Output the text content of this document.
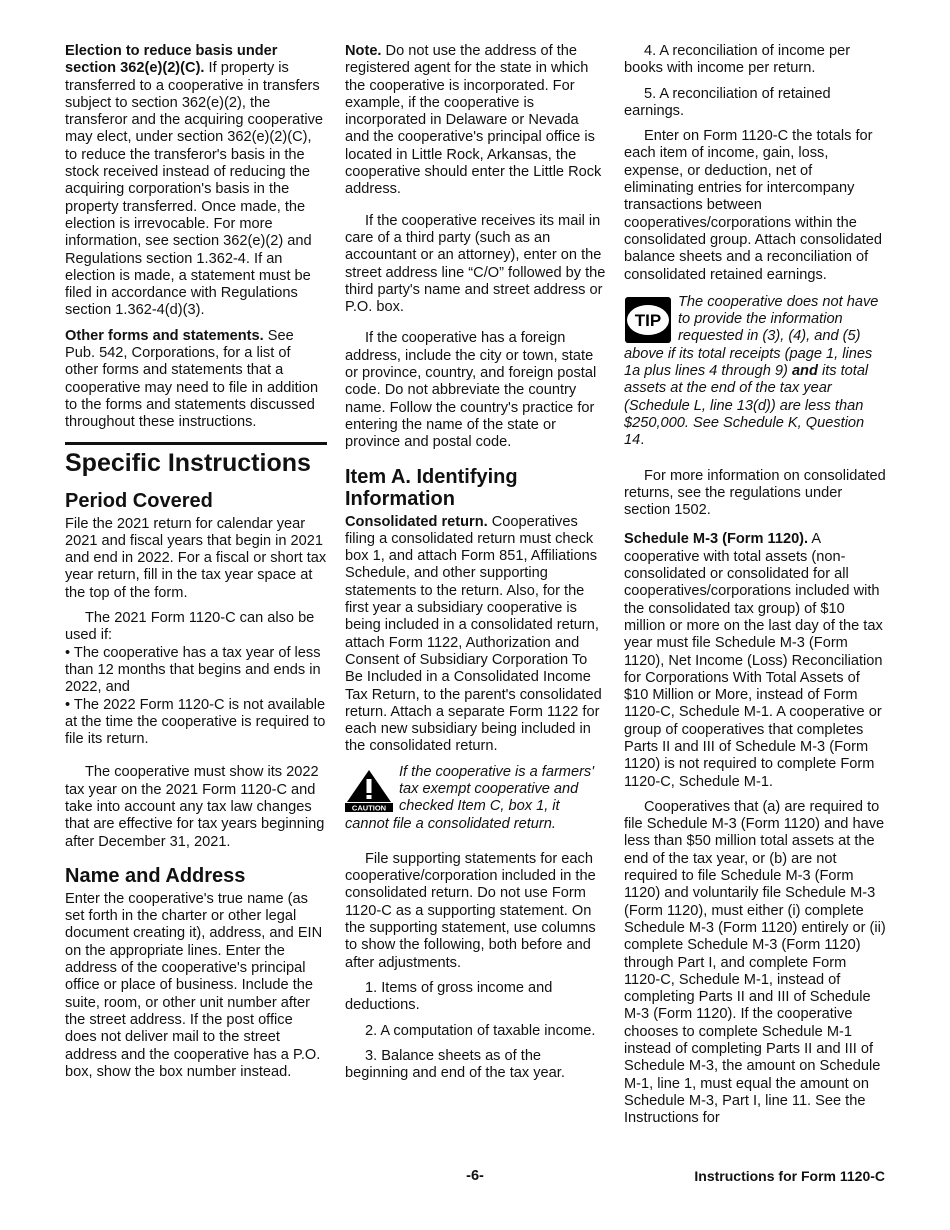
Election to reduce basis under section 362(e)(2)(C). If property is transferred to a cooperative in transfers subject to section 362(e)(2), the transferor and the acquiring cooperative may elect, under section 362(e)(2)(C), to reduce the transferor's basis in the stock received instead of reducing the acquiring corporation's basis in the property transferred. Once made, the election is irrevocable. For more information, see section 362(e)(2) and Regulations section 1.362-4. If an election is made, a statement must be filed in accordance with Regulations section 1.362-4(d)(3).

Other forms and statements. See Pub. 542, Corporations, for a list of other forms and statements that a cooperative may need to file in addition to the forms and statements discussed throughout these instructions.

Specific Instructions
Period Covered

File the 2021 return for calendar year 2021 and fiscal years that begin in 2021 and end in 2022. For a fiscal or short tax year return, fill in the tax year space at the top of the form.

The 2021 Form 1120-C can also be used if:

• The cooperative has a tax year of less than 12 months that begins and ends in 2022, and

• The 2022 Form 1120-C is not available at the time the cooperative is required to file its return.

The cooperative must show its 2022 tax year on the 2021 Form 1120-C and take into account any tax law changes that are effective for tax years beginning after December 31, 2021.

Name and Address

Enter the cooperative's true name (as set forth in the charter or other legal document creating it), address, and EIN on the appropriate lines. Enter the address of the cooperative's principal office or place of business. Include the suite, room, or other unit number after the street address. If the post office does not deliver mail to the street address and the cooperative has a P.O. box, show the box number instead.

Note. Do not use the address of the registered agent for the state in which the cooperative is incorporated. For example, if the cooperative is incorporated in Delaware or Nevada and the cooperative's principal office is located in Little Rock, Arkansas, the cooperative should enter the Little Rock address.

If the cooperative receives its mail in care of a third party (such as an accountant or an attorney), enter on the street address line “C/O” followed by the third party's name and street address or P.O. box.

If the cooperative has a foreign address, include the city or town, state or province, country, and foreign postal code. Do not abbreviate the country name. Follow the country's practice for entering the name of the state or province and postal code.

Item A. Identifying Information

Consolidated return. Cooperatives filing a consolidated return must check box 1, and attach Form 851, Affiliations Schedule, and other supporting statements to the return. Also, for the first year a subsidiary cooperative is being included in a consolidated return, attach Form 1122, Authorization and Consent of Subsidiary Corporation To Be Included in a Consolidated Income Tax Return, to the parent's consolidated return. Attach a separate Form 1122 for each new subsidiary being included in the consolidated return.

CAUTION

If the cooperative is a farmers' tax exempt cooperative and checked Item C, box 1, it cannot file a consolidated return.

File supporting statements for each cooperative/corporation included in the consolidated return. Do not use Form 1120-C as a supporting statement. On the supporting statement, use columns to show the following, both before and after adjustments.

1. Items of gross income and deductions.

2. A computation of taxable income.

3. Balance sheets as of the beginning and end of the tax year.

4. A reconciliation of income per books with income per return.

5. A reconciliation of retained earnings.

Enter on Form 1120-C the totals for each item of income, gain, loss, expense, or deduction, net of eliminating entries for intercompany transactions between cooperatives/corporations within the consolidated group. Attach consolidated balance sheets and a reconciliation of consolidated retained earnings.

TIP

The cooperative does not have to provide the information requested in (3), (4), and (5) above if its total receipts (page 1, lines 1a plus lines 4 through 9) and its total assets at the end of the tax year (Schedule L, line 13(d)) are less than $250,000. See Schedule K, Question 14.

For more information on consolidated returns, see the regulations under section 1502.

Schedule M-3 (Form 1120). A cooperative with total assets (non-consolidated or consolidated for all cooperatives/corporations included with the consolidated tax group) of $10 million or more on the last day of the tax year must file Schedule M-3 (Form 1120), Net Income (Loss) Reconciliation for Corporations With Total Assets of $10 Million or More, instead of Form 1120-C, Schedule M-1. A cooperative or group of cooperatives that completes Parts II and III of Schedule M-3 (Form 1120) is not required to complete Form 1120-C, Schedule M-1.

Cooperatives that (a) are required to file Schedule M-3 (Form 1120) and have less than $50 million total assets at the end of the tax year, or (b) are not required to file Schedule M-3 (Form 1120) and voluntarily file Schedule M-3 (Form 1120), must either (i) complete Schedule M-3 (Form 1120) entirely or (ii) complete Schedule M-3 (Form 1120) through Part I, and complete Form 1120-C, Schedule M-1, instead of completing Parts II and III of Schedule M-3 (Form 1120). If the cooperative chooses to complete Schedule M-1 instead of completing Parts II and III of Schedule M-3, the amount on Schedule M-1, line 1, must equal the amount on Schedule M-3, Part I, line 11. See the Instructions for

-6-	Instructions for Form 1120-C
